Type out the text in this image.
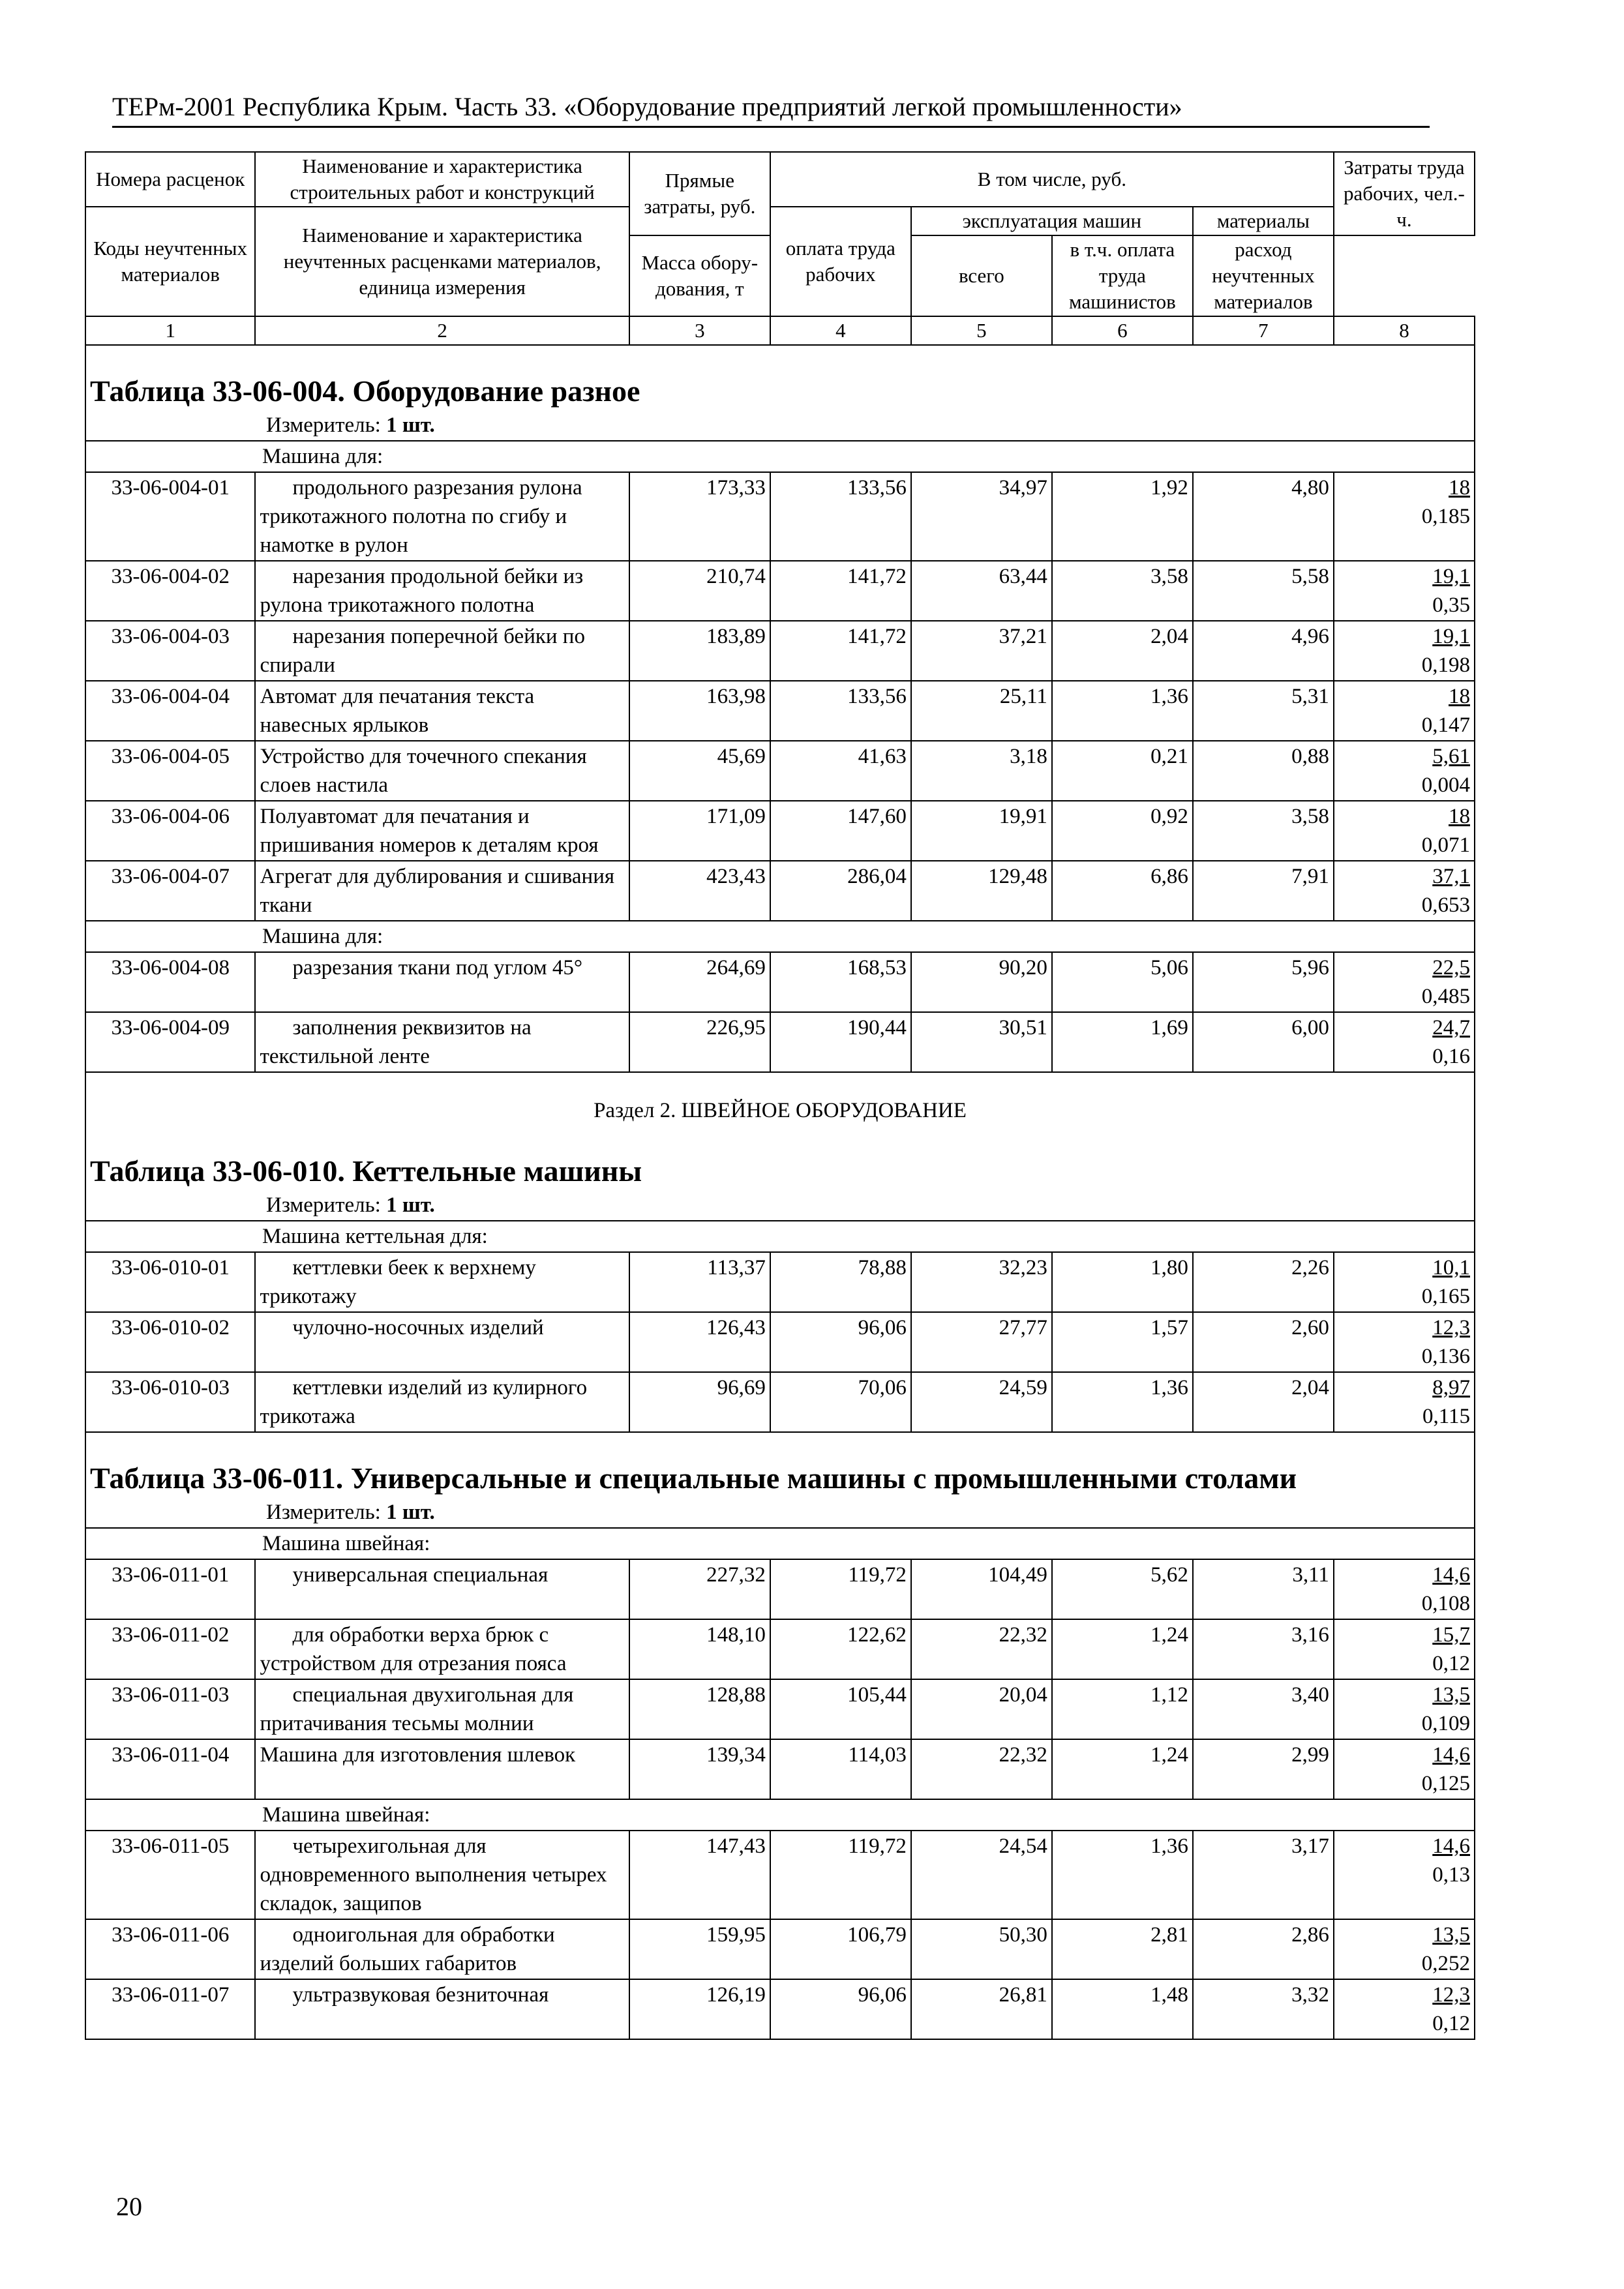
ТЕРм-2001 Республика Крым. Часть 33. «Оборудование предприятий легкой промышленности»
Номера расценок	Наименование и характеристика строительных работ и конструкций	Прямые затраты, руб.	В том числе, руб.				Затраты труда рабочих, чел.-ч.
Коды неучтенных материалов	Наименование и характеристика неучтенных расценками материалов, единица измерения		оплата труда рабочих	эксплуатация машин		материалы	
				всего	в т.ч. оплата труда машинистов	расход неучтенных материалов	
		Масса обору-дования, т					
1	2	3	4	5	6	7	8

Таблица 33-06-004. Оборудование разное
Измеритель: 1 шт.							

Машина для:							
33-06-004-01	продольного разрезания рулона трикотажного полотна по сгибу и намотке в рулон	173,33	133,56	34,97	1,92	4,80	18
0,185

33-06-004-02	нарезания продольной бейки из рулона трикотажного полотна	210,74	141,72	63,44	3,58	5,58	19,1
0,35

33-06-004-03	нарезания поперечной бейки по спирали	183,89	141,72	37,21	2,04	4,96	19,1
0,198

33-06-004-04	Автомат для печатания текста навесных ярлыков	163,98	133,56	25,11	1,36	5,31	18
0,147

33-06-004-05	Устройство для точечного спекания слоев настила	45,69	41,63	3,18	0,21	0,88	5,61
0,004

33-06-004-06	Полуавтомат для печатания и пришивания номеров к деталям кроя	171,09	147,60	19,91	0,92	3,58	18
0,071

33-06-004-07	Агрегат для дублирования и сшивания ткани	423,43	286,04	129,48	6,86	7,91	37,1
0,653

Машина для:							
33-06-004-08	разрезания ткани под углом 45°	264,69	168,53	90,20	5,06	5,96	22,5
0,485

33-06-004-09	заполнения реквизитов на текстильной ленте	226,95	190,44	30,51	1,69	6,00	24,7
0,16

Раздел 2. ШВЕЙНОЕ ОБОРУДОВАНИЕ							

Таблица 33-06-010. Кеттельные машины
Измеритель: 1 шт.							

Машина кеттельная для:							
33-06-010-01	кеттлевки беек к верхнему трикотажу	113,37	78,88	32,23	1,80	2,26	10,1
0,165

33-06-010-02	чулочно-носочных изделий	126,43	96,06	27,77	1,57	2,60	12,3
0,136

33-06-010-03	кеттлевки изделий из кулирного трикотажа	96,69	70,06	24,59	1,36	2,04	8,97
0,115

Таблица 33-06-011. Универсальные и специальные машины с промышленными столами
Измеритель: 1 шт.							

Машина швейная:							
33-06-011-01	универсальная специальная	227,32	119,72	104,49	5,62	3,11	14,6
0,108

33-06-011-02	для обработки верха брюк с устройством для отрезания пояса	148,10	122,62	22,32	1,24	3,16	15,7
0,12

33-06-011-03	специальная двухигольная для притачивания тесьмы молнии	128,88	105,44	20,04	1,12	3,40	13,5
0,109

33-06-011-04	Машина для изготовления шлевок	139,34	114,03	22,32	1,24	2,99	14,6
0,125

Машина швейная:							
33-06-011-05	четырехигольная для одновременного выполнения четырех складок, защипов	147,43	119,72	24,54	1,36	3,17	14,6
0,13

33-06-011-06	одноигольная для обработки изделий больших габаритов	159,95	106,79	50,30	2,81	2,86	13,5
0,252

33-06-011-07	ультразвуковая безниточная	126,19	96,06	26,81	1,48	3,32	12,3
0,12
20
